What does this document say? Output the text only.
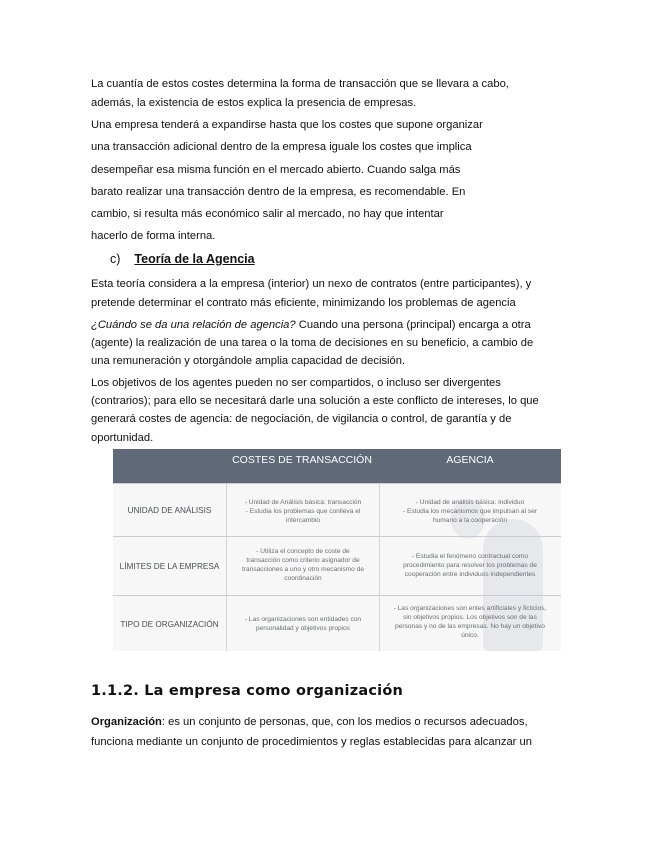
La cuantía de estos costes determina la forma de transacción que se llevara a cabo,
además, la existencia de estos explica la presencia de empresas.
Una empresa tenderá a expandirse hasta que los costes que supone organizar
una transacción adicional dentro de la empresa iguale los costes que implica
desempeñar esa misma función en el mercado abierto. Cuando salga más
barato realizar una transacción dentro de la empresa, es recomendable. En
cambio, si resulta más económico salir al mercado, no hay que intentar
hacerlo de forma interna.
c) Teoría de la Agencia
Esta teoría considera a la empresa (interior) un nexo de contratos (entre participantes), y
pretende determinar el contrato más eficiente, minimizando los problemas de agencia
¿Cuándo se da una relación de agencia? Cuando una persona (principal) encarga a otra
(agente) la realización de una tarea o la toma de decisiones en su beneficio, a cambio de
una remuneración y otorgándole amplia capacidad de decisión.
Los objetivos de los agentes pueden no ser compartidos, o incluso ser divergentes
(contrarios); para ello se necesitará darle una solución a este conflicto de intereses, lo que
generará costes de agencia: de negociación, de vigilancia o control, de garantía y de
oportunidad.
COSTES DE TRANSACCIÓN	AGENCIA
UNIDAD DE ANÁLISIS
- Unidad de Análisis básica: transacción
- Estudia los problemas que conlleva el
intercambio
- Unidad de análisis básica: individuo
- Estudia los mecanismos que impulsan al ser
humano a la cooperación
LÍMITES DE LA EMPRESA
- Utiliza el concepto de coste de
transacción como criterio asignador de
transacciones a uno y otro mecanismo de
coordinación
- Estudia el fenómeno contractual como
procedimiento para resolver los problemas de
cooperación entre individuos independientes
TIPO DE ORGANIZACIÓN
- Las organizaciones son entidades con
personalidad y objetivos propios
- Las organizaciones son entes artificiales y ficticios,
sin objetivos propios. Los objetivos son de las
personas y no de las empresas. No hay un objetivo
único.
1.1.2. La empresa como organización
Organización: es un conjunto de personas, que, con los medios o recursos adecuados,
funciona mediante un conjunto de procedimientos y reglas establecidas para alcanzar un
